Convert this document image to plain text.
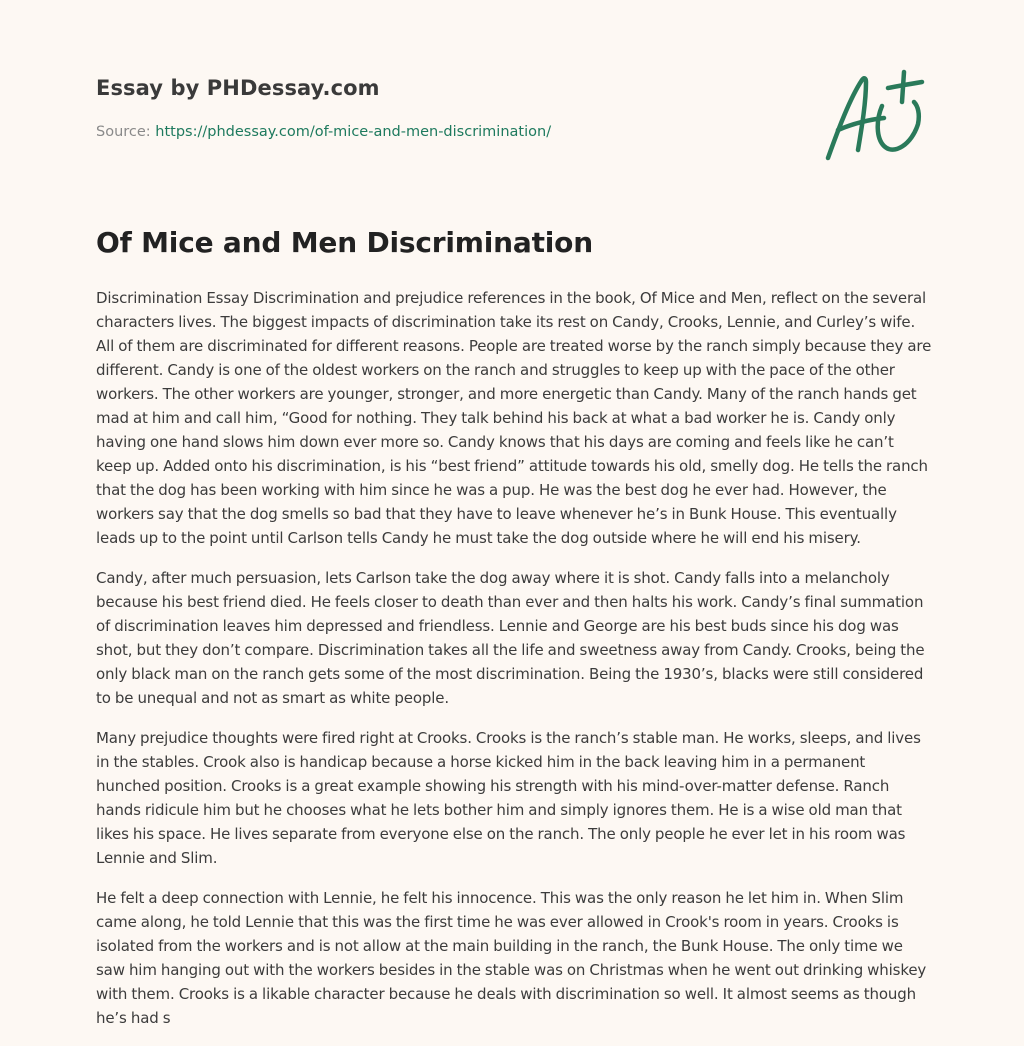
Essay by PHDessay.com
Source: https://phdessay.com/of-mice-and-men-discrimination/
Of Mice and Men Discrimination

Discrimination Essay Discrimination and prejudice references in the book, Of Mice and Men, reflect on the several characters lives. The biggest impacts of discrimination take its rest on Candy, Crooks, Lennie, and Curley’s wife. All of them are discriminated for different reasons. People are treated worse by the ranch simply because they are different. Candy is one of the oldest workers on the ranch and struggles to keep up with the pace of the other workers. The other workers are younger, stronger, and more energetic than Candy. Many of the ranch hands get mad at him and call him, “Good for nothing. They talk behind his back at what a bad worker he is. Candy only having one hand slows him down ever more so. Candy knows that his days are coming and feels like he can’t keep up. Added onto his discrimination, is his “best friend” attitude towards his old, smelly dog. He tells the ranch that the dog has been working with him since he was a pup. He was the best dog he ever had. However, the workers say that the dog smells so bad that they have to leave whenever he’s in Bunk House. This eventually leads up to the point until Carlson tells Candy he must take the dog outside where he will end his misery.

Candy, after much persuasion, lets Carlson take the dog away where it is shot. Candy falls into a melancholy because his best friend died. He feels closer to death than ever and then halts his work. Candy’s final summation of discrimination leaves him depressed and friendless. Lennie and George are his best buds since his dog was shot, but they don’t compare. Discrimination takes all the life and sweetness away from Candy. Crooks, being the only black man on the ranch gets some of the most discrimination. Being the 1930’s, blacks were still considered to be unequal and not as smart as white people.

Many prejudice thoughts were fired right at Crooks. Crooks is the ranch’s stable man. He works, sleeps, and lives in the stables. Crook also is handicap because a horse kicked him in the back leaving him in a permanent hunched position. Crooks is a great example showing his strength with his mind-over-matter defense. Ranch hands ridicule him but he chooses what he lets bother him and simply ignores them. He is a wise old man that likes his space. He lives separate from everyone else on the ranch. The only people he ever let in his room was Lennie and Slim.

He felt a deep connection with Lennie, he felt his innocence. This was the only reason he let him in. When Slim came along, he told Lennie that this was the first time he was ever allowed in Crook's room in years. Crooks is isolated from the workers and is not allow at the main building in the ranch, the Bunk House. The only time we saw him hanging out with the workers besides in the stable was on Christmas when he went out drinking whiskey with them. Crooks is a likable character because he deals with discrimination so well. It almost seems as though he’s had s
